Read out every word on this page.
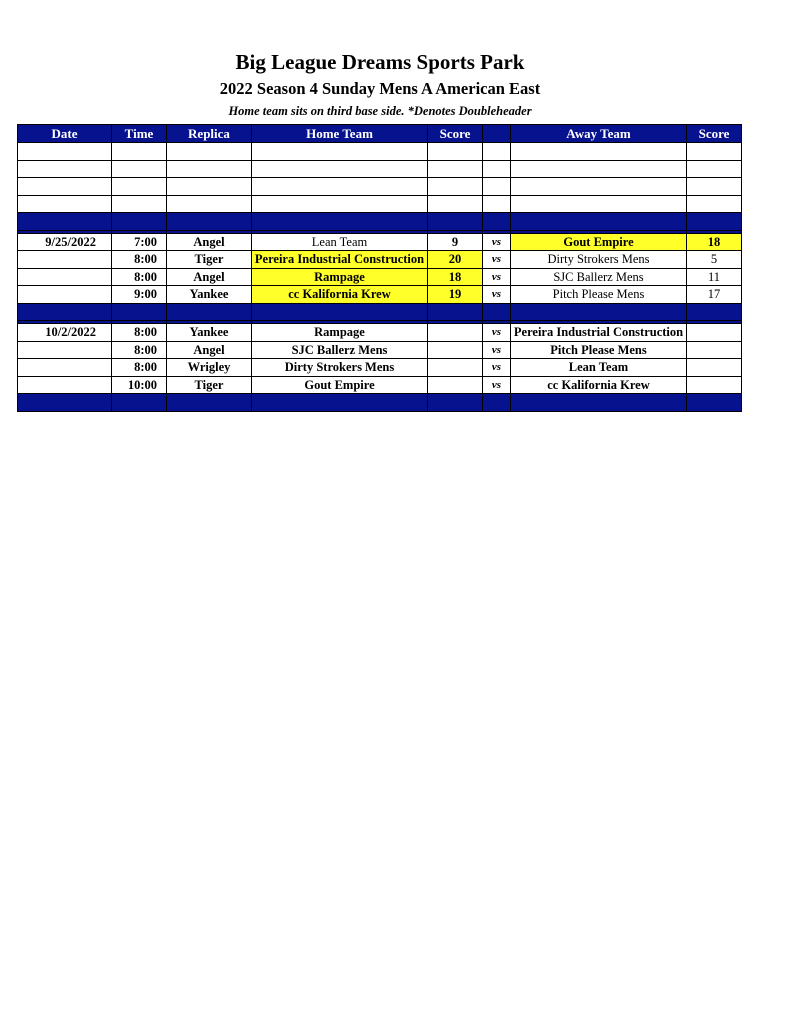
Big League Dreams Sports Park
2022 Season 4 Sunday Mens A American East
Home team sits on third base side. *Denotes Doubleheader
Date	Time	Replica	Home Team	Score		Away Team	Score

9/25/2022	7:00	Angel	Lean Team	9	vs	Gout Empire	18
	8:00	Tiger	Pereira Industrial Construction	20	vs	Dirty Strokers Mens	5
	8:00	Angel	Rampage	18	vs	SJC Ballerz Mens	11
	9:00	Yankee	cc Kalifornia Krew	19	vs	Pitch Please Mens	17

10/2/2022	8:00	Yankee	Rampage		vs	Pereira Industrial Construction	
	8:00	Angel	SJC Ballerz Mens		vs	Pitch Please Mens	
	8:00	Wrigley	Dirty Strokers Mens		vs	Lean Team	
	10:00	Tiger	Gout Empire		vs	cc Kalifornia Krew	
